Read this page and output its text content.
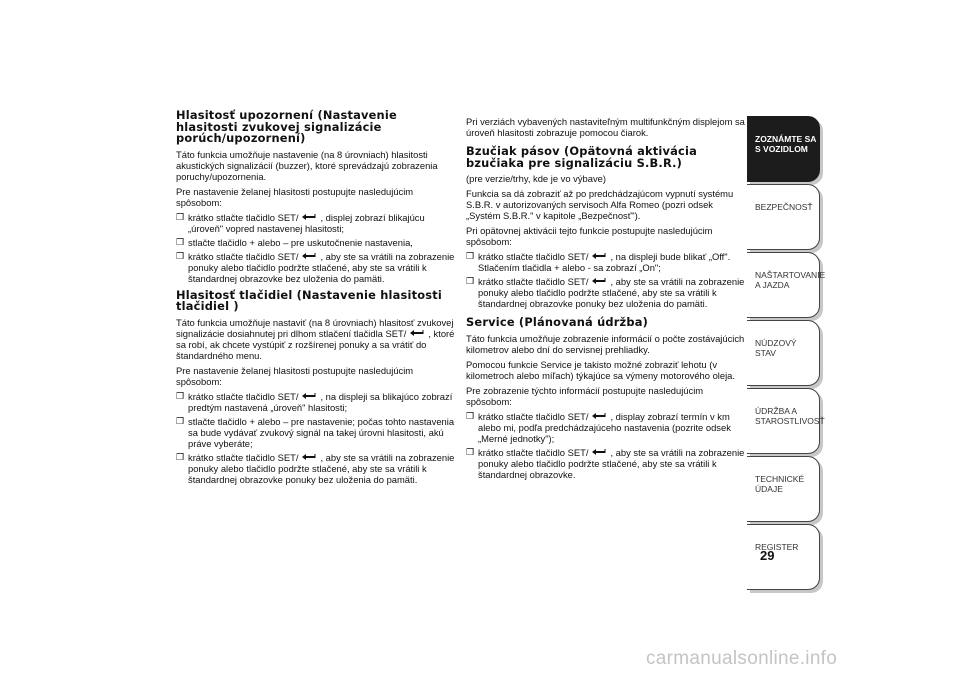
Hlasitosť upozornení (Nastavenie hlasitosti zvukovej signalizácie porúch/upozornení)

Táto funkcia umožňuje nastavenie (na 8 úrovniach) hlasitosti akustických signalizácií (buzzer), ktoré sprevádzajú zobrazenia poruchy/upozornenia.

Pre nastavenie želanej hlasitosti postupujte nasledujúcim spôsobom:

❒ krátko stlačte tlačidlo SET/ , displej zobrazí blikajúcu „úroveň" vopred nastavenej hlasitosti;
❒ stlačte tlačidlo + alebo – pre uskutočnenie nastavenia,
❒ krátko stlačte tlačidlo SET/ , aby ste sa vrátili na zobrazenie ponuky alebo tlačidlo podržte stlačené, aby ste sa vrátili k štandardnej obrazovke bez uloženia do pamäti.
Hlasitosť tlačidiel (Nastavenie hlasitosti tlačidiel )

Táto funkcia umožňuje nastaviť (na 8 úrovniach) hlasitosť zvukovej signalizácie dosiahnutej pri dlhom stlačení tlačidla SET/ , ktoré sa robí, ak chcete vystúpiť z rozšírenej ponuky a sa vrátiť do štandardného menu.

Pre nastavenie želanej hlasitosti postupujte nasledujúcim spôsobom:

❒ krátko stlačte tlačidlo SET/ , na displeji sa blikajúco zobrazí predtým nastavená „úroveň" hlasitosti;
❒ stlačte tlačidlo + alebo – pre nastavenie; počas tohto nastavenia sa bude vydávať zvukový signál na takej úrovni hlasitosti, akú práve vyberáte;
❒ krátko stlačte tlačidlo SET/ , aby ste sa vrátili na zobrazenie ponuky alebo tlačidlo podržte stlačené, aby ste sa vrátili k štandardnej obrazovke ponuky bez uloženia do pamäti.

Pri verziách vybavených nastaviteľným multifunkčným displejom sa úroveň hlasitosti zobrazuje pomocou čiarok.

Bzučiak pásov (Opätovná aktivácia bzučiaka pre signalizáciu S.B.R.)
(pre verzie/trhy, kde je vo výbave)

Funkcia sa dá zobraziť až po predchádzajúcom vypnutí systému S.B.R. v autorizovaných servisoch Alfa Romeo (pozri odsek „Systém S.B.R." v kapitole „Bezpečnosť").

Pri opätovnej aktivácii tejto funkcie postupujte nasledujúcim spôsobom:

❒ krátko stlačte tlačidlo SET/ , na displeji bude blikať „Off". Stlačením tlačidla + alebo - sa zobrazí „On";
❒ krátko stlačte tlačidlo SET/ , aby ste sa vrátili na zobrazenie ponuky alebo tlačidlo podržte stlačené, aby ste sa vrátili k štandardnej obrazovke ponuky bez uloženia do pamäti.
Service (Plánovaná údržba)

Táto funkcia umožňuje zobrazenie informácií o počte zostávajúcich kilometrov alebo dní do servisnej prehliadky.

Pomocou funkcie Service je takisto možné zobraziť lehotu (v kilometroch alebo míľach) týkajúce sa výmeny motorového oleja.

Pre zobrazenie týchto informácií postupujte nasledujúcim spôsobom:

❒ krátko stlačte tlačidlo SET/ , display zobrazí termín v km alebo mi, podľa predchádzajúceho nastavenia (pozrite odsek „Merné jednotky");
❒ krátko stlačte tlačidlo SET/ , aby ste sa vrátili na zobrazenie ponuky alebo tlačidlo podržte stlačené, aby ste sa vrátili k štandardnej obrazovke.
ZOZNÁMTE SA S VOZIDLOM
BEZPEČNOSŤ
NAŠTARTOVANIE A JAZDA
NÚDZOVÝ STAV
ÚDRŽBA A STAROSTLIVOSŤ
TECHNICKÉ ÚDAJE
REGISTER
29
carmanualsonline.info
